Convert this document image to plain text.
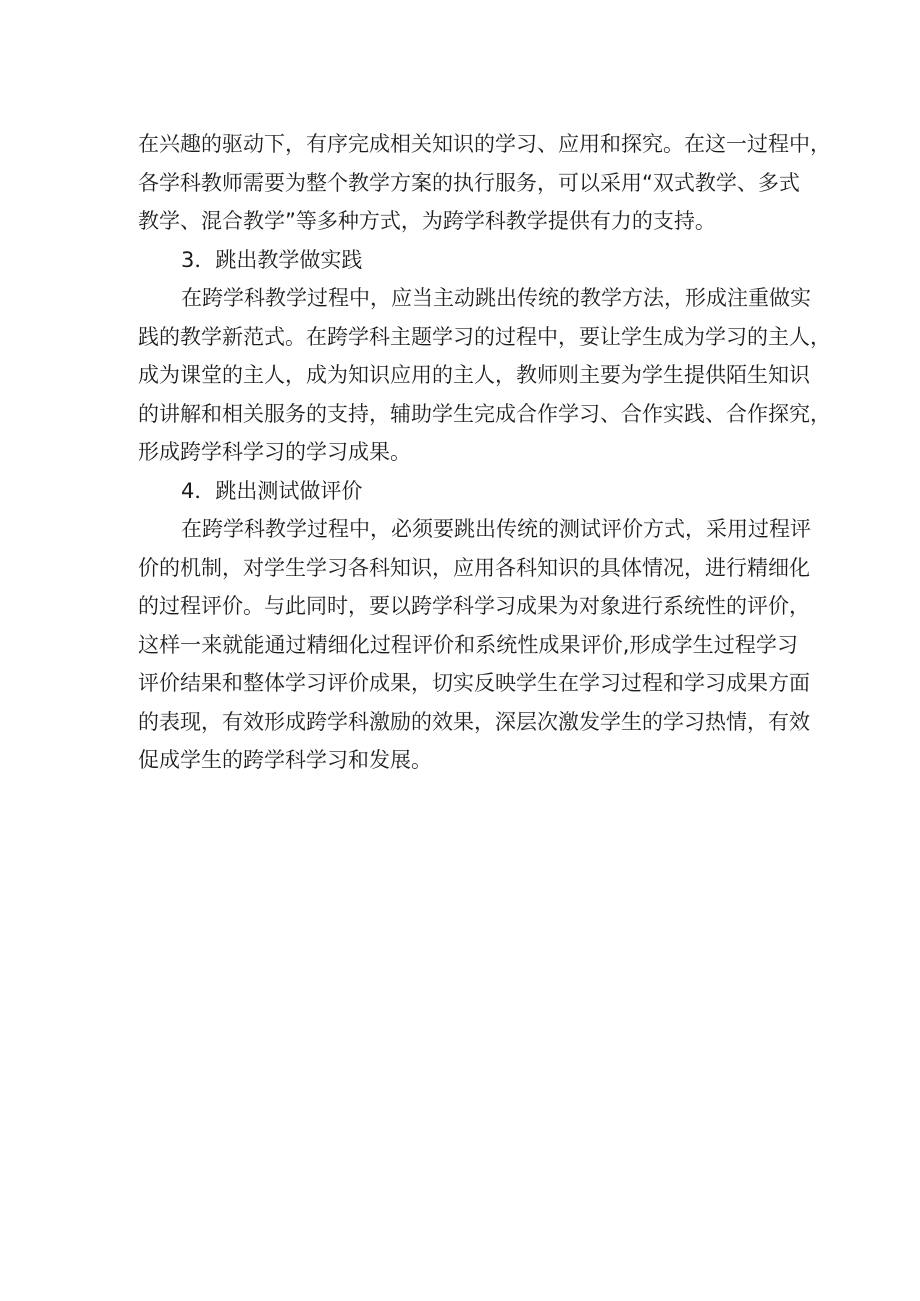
在兴趣的驱动下，有序完成相关知识的学习、应用和探究。在这一过程中，
各学科教师需要为整个教学方案的执行服务，可以采用“双式教学、多式
教学、混合教学”等多种方式，为跨学科教学提供有力的支持。
3．跳出教学做实践
在跨学科教学过程中，应当主动跳出传统的教学方法，形成注重做实
践的教学新范式。在跨学科主题学习的过程中，要让学生成为学习的主人，
成为课堂的主人，成为知识应用的主人，教师则主要为学生提供陌生知识
的讲解和相关服务的支持，辅助学生完成合作学习、合作实践、合作探究，
形成跨学科学习的学习成果。
4．跳出测试做评价
在跨学科教学过程中，必须要跳出传统的测试评价方式，采用过程评
价的机制，对学生学习各科知识，应用各科知识的具体情况，进行精细化
的过程评价。与此同时，要以跨学科学习成果为对象进行系统性的评价，
这样一来就能通过精细化过程评价和系统性成果评价,形成学生过程学习
评价结果和整体学习评价成果，切实反映学生在学习过程和学习成果方面
的表现，有效形成跨学科激励的效果，深层次激发学生的学习热情，有效
促成学生的跨学科学习和发展。
